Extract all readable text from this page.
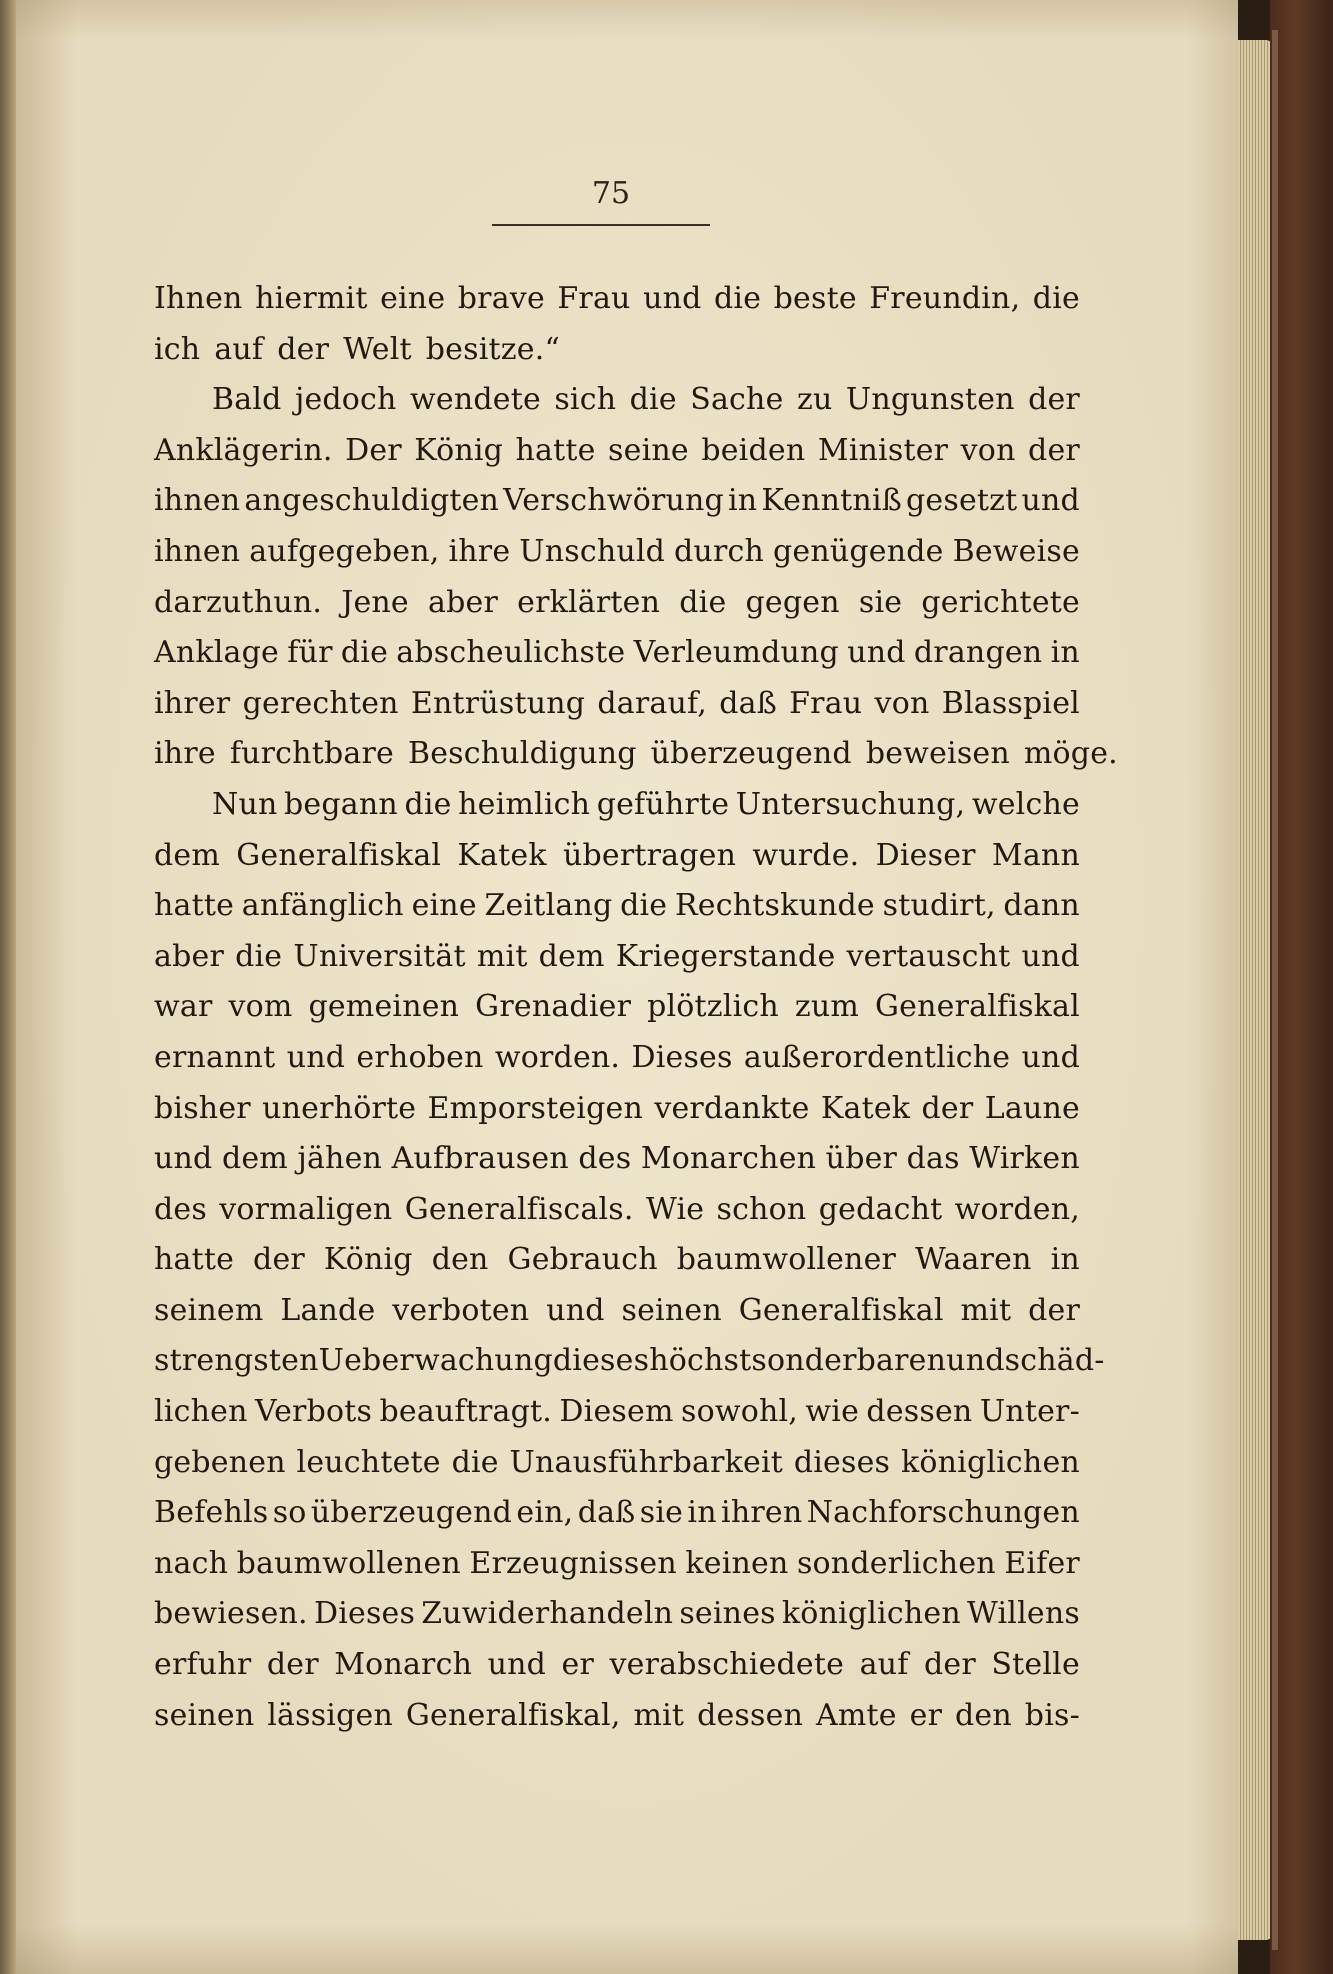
75
Ihnen hiermit eine brave Frau und die beste Freundin, die
ich auf der Welt besitze.“
Bald jedoch wendete sich die Sache zu Ungunsten der
Anklägerin. Der König hatte seine beiden Minister von der
ihnen angeschuldigten Verschwörung in Kenntniß gesetzt und
ihnen aufgegeben, ihre Unschuld durch genügende Beweise
darzuthun. Jene aber erklärten die gegen sie gerichtete
Anklage für die abscheulichste Verleumdung und drangen in
ihrer gerechten Entrüstung darauf, daß Frau von Blasspiel
ihre furchtbare Beschuldigung überzeugend beweisen möge.
Nun begann die heimlich geführte Untersuchung, welche
dem Generalfiskal Katek übertragen wurde. Dieser Mann
hatte anfänglich eine Zeitlang die Rechtskunde studirt, dann
aber die Universität mit dem Kriegerstande vertauscht und
war vom gemeinen Grenadier plötzlich zum Generalfiskal
ernannt und erhoben worden. Dieses außerordentliche und
bisher unerhörte Emporsteigen verdankte Katek der Laune
und dem jähen Aufbrausen des Monarchen über das Wirken
des vormaligen Generalfiscals. Wie schon gedacht worden,
hatte der König den Gebrauch baumwollener Waaren in
seinem Lande verboten und seinen Generalfiskal mit der
strengsten Ueberwachung dieses höchst sonderbaren und schäd-
lichen Verbots beauftragt. Diesem sowohl, wie dessen Unter-
gebenen leuchtete die Unausführbarkeit dieses königlichen
Befehls so überzeugend ein, daß sie in ihren Nachforschungen
nach baumwollenen Erzeugnissen keinen sonderlichen Eifer
bewiesen. Dieses Zuwiderhandeln seines königlichen Willens
erfuhr der Monarch und er verabschiedete auf der Stelle
seinen lässigen Generalfiskal, mit dessen Amte er den bis-
